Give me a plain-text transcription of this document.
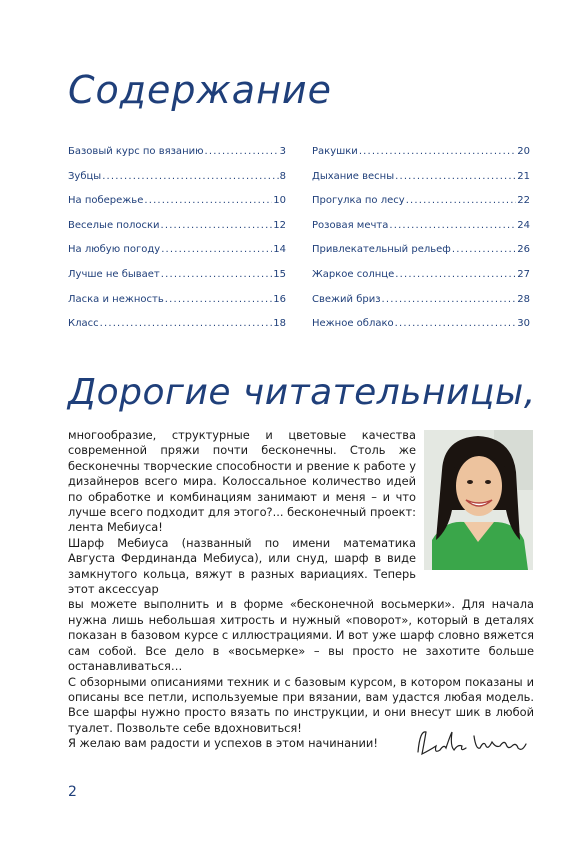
Содержание
Базовый курс по вязанию . . .	3
Зубцы . . .	8
На побережье . . .	10
Веселые полоски . . .	12
На любую погоду . . .	14
Лучше не бывает . . .	15
Ласка и нежность . . .	16
Класс . . .	18
Ракушки . . .	20
Дыхание весны . . .	21
Прогулка по лесу . . .	22
Розовая мечта . . .	24
Привлекательный рельеф . . .	26
Жаркое солнце . . .	27
Свежий бриз . . .	28
Нежное облако . . .	30
Дорогие читательницы,

многообразие, структурные и цветовые качества современной пряжи почти бесконечны. Столь же бесконечны творческие способности и рвение к работе у дизайнеров всего мира. Колоссальное количество идей по обработке и комбинациям занимают и меня – и что лучше всего подходит для этого?... бесконечный проект: лента Мебиуса!

Шарф Мебиуса (названный по имени математика Августа Фердинанда Мебиуса), или снуд, шарф в виде замкнутого кольца, вяжут в разных вариациях. Теперь этот аксессуар

вы можете выполнить и в форме «бесконечной восьмерки». Для начала нужна лишь небольшая хитрость и нужный «поворот», который в деталях показан в базовом курсе с иллюстрациями. И вот уже шарф словно вяжется сам собой. Все дело в «восьмерке» – вы просто не захотите больше останавливаться…

С обзорными описаниями техник и с базовым курсом, в котором показаны и описаны все петли, используемые при вязании, вам удастся любая модель. Все шарфы нужно просто вязать по инструкции, и они внесут шик в любой туалет. Позвольте себе вдохновиться!

Я желаю вам радости и успехов в этом начинании!

2
